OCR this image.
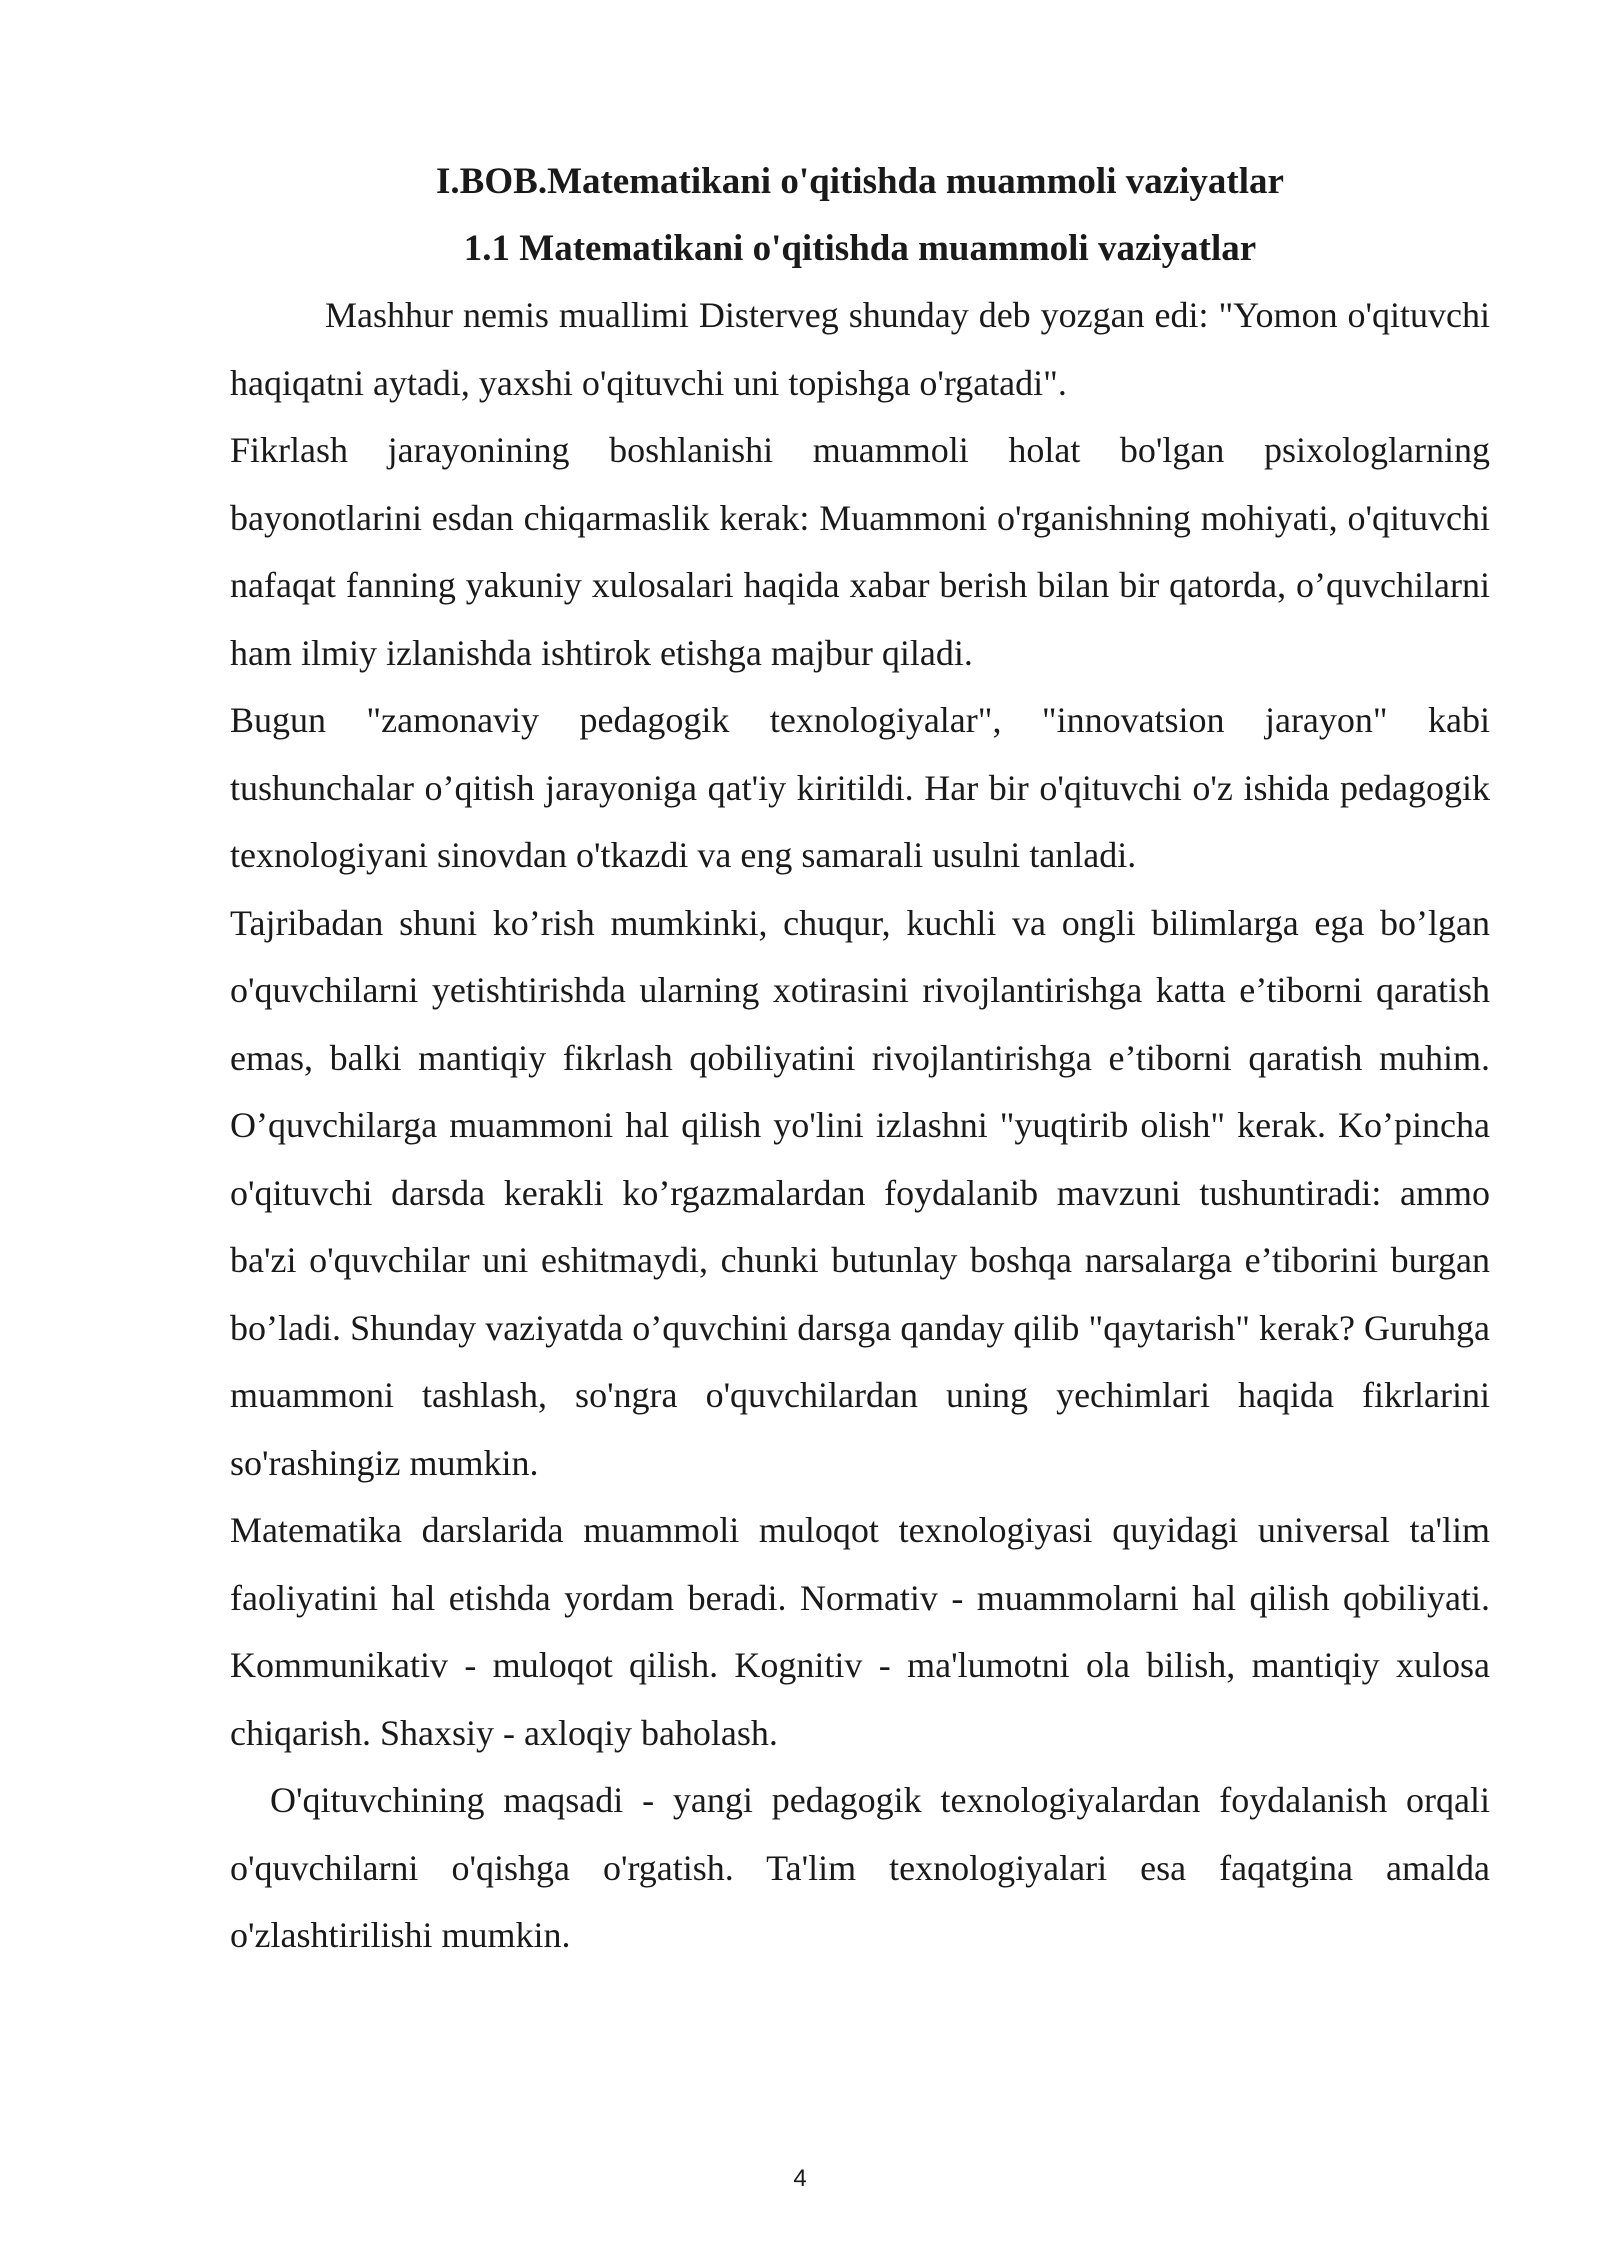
I.BOB.Matematikani o'qitishda muammoli vaziyatlar

1.1 Matematikani o'qitishda muammoli vaziyatlar

Mashhur nemis muallimi Disterveg shunday deb yozgan edi: "Yomon o'qituvchi haqiqatni aytadi, yaxshi o'qituvchi uni topishga o'rgatadi".

Fikrlash jarayonining boshlanishi muammoli holat bo'lgan psixologlarning bayonotlarini esdan chiqarmaslik kerak: Muammoni o'rganishning mohiyati, o'qituvchi nafaqat fanning yakuniy xulosalari haqida xabar berish bilan bir qatorda, o’quvchilarni ham ilmiy izlanishda ishtirok etishga majbur qiladi.

Bugun "zamonaviy pedagogik texnologiyalar", "innovatsion jarayon" kabi tushunchalar o’qitish jarayoniga qat'iy kiritildi. Har bir o'qituvchi o'z ishida pedagogik texnologiyani sinovdan o'tkazdi va eng samarali usulni tanladi.

Tajribadan shuni ko’rish mumkinki, chuqur, kuchli va ongli bilimlarga ega bo’lgan o'quvchilarni yetishtirishda ularning xotirasini rivojlantirishga katta e’tiborni qaratish emas, balki mantiqiy fikrlash qobiliyatini rivojlantirishga e’tiborni qaratish muhim. O’quvchilarga muammoni hal qilish yo'lini izlashni "yuqtirib olish" kerak. Ko’pincha o'qituvchi darsda kerakli ko’rgazmalardan foydalanib mavzuni tushuntiradi: ammo ba'zi o'quvchilar uni eshitmaydi, chunki butunlay boshqa narsalarga e’tiborini burgan bo’ladi. Shunday vaziyatda o’quvchini darsga qanday qilib "qaytarish" kerak? Guruhga muammoni tashlash, so'ngra o'quvchilardan uning yechimlari haqida fikrlarini so'rashingiz mumkin.

Matematika darslarida muammoli muloqot texnologiyasi quyidagi universal ta'lim faoliyatini hal etishda yordam beradi. Normativ - muammolarni hal qilish qobiliyati. Kommunikativ - muloqot qilish. Kognitiv - ma'lumotni ola bilish, mantiqiy xulosa chiqarish. Shaxsiy - axloqiy baholash.

O'qituvchining maqsadi - yangi pedagogik texnologiyalardan foydalanish orqali o'quvchilarni o'qishga o'rgatish. Ta'lim texnologiyalari esa faqatgina amalda o'zlashtirilishi mumkin.

4
